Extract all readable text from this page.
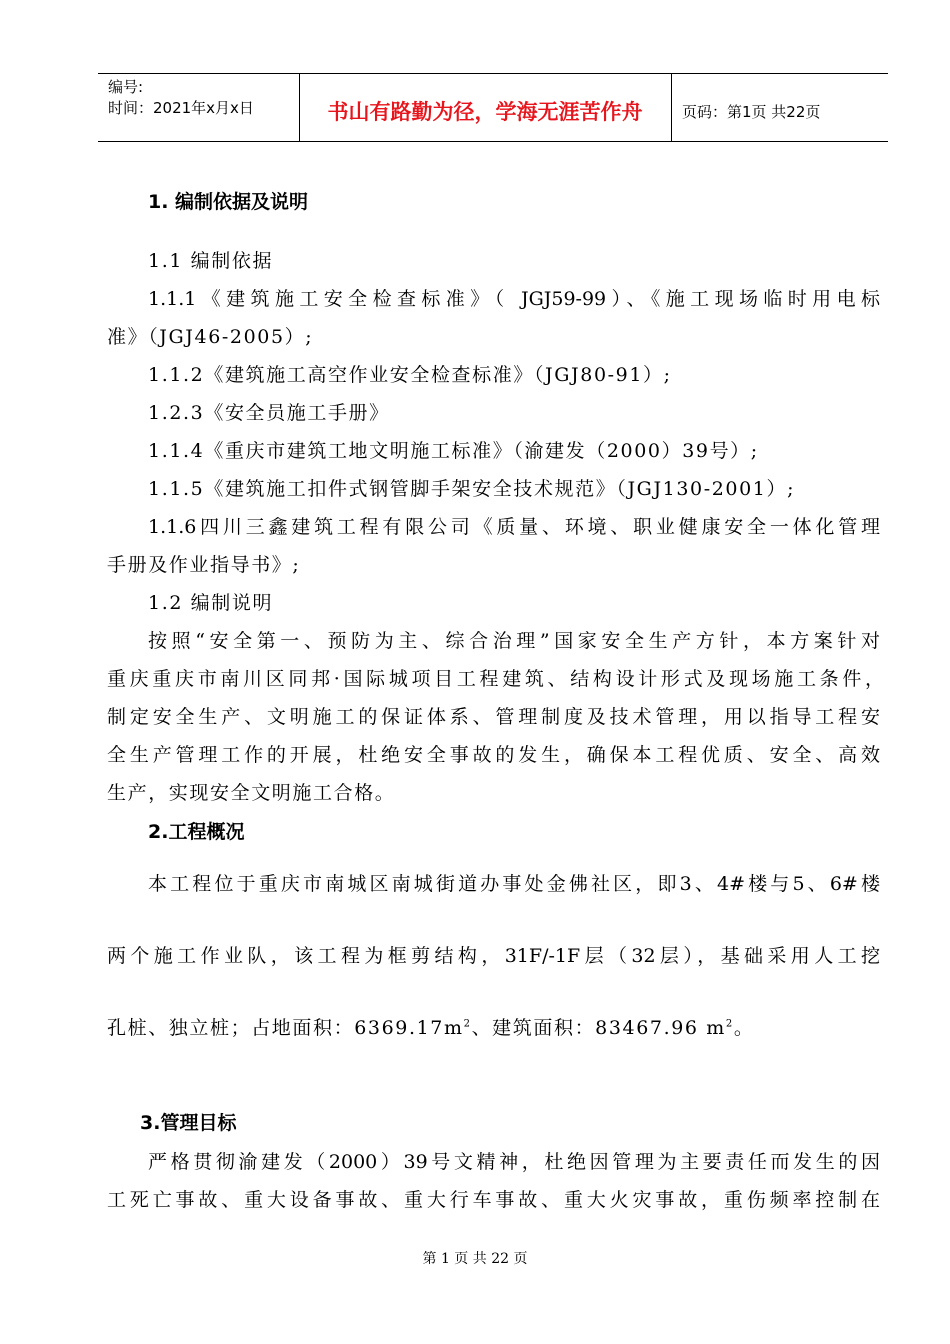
编号:
时间：2021年x月x日	书山有路勤为径，学海无涯苦作舟	页码：第1页 共22页
1. 编制依据及说明
1.1 编制依据
1.1.1《建筑施工安全检查标准》（ JGJ59-99）、《施工现场临时用电标
准》（JGJ46-2005）;
1.1.2《建筑施工高空作业安全检查标准》（JGJ80-91）;
1.2.3《安全员施工手册》
1.1.4《重庆市建筑工地文明施工标准》（渝建发（2000）39号）;
1.1.5《建筑施工扣件式钢管脚手架安全技术规范》（JGJ130-2001）;
1.1.6四川三鑫建筑工程有限公司《质量、环境、职业健康安全一体化管理
手册及作业指导书》;
1.2 编制说明
按照“安全第一、预防为主、综合治理”国家安全生产方针，本方案针对
重庆重庆市南川区同邦·国际城项目工程建筑、结构设计形式及现场施工条件，
制定安全生产、文明施工的保证体系、管理制度及技术管理，用以指导工程安
全生产管理工作的开展，杜绝安全事故的发生，确保本工程优质、安全、高效
生产，实现安全文明施工合格。
2.工程概况
本工程位于重庆市南城区南城街道办事处金佛社区，即3、4#楼与5、6#楼
两个施工作业队，该工程为框剪结构，31F/-1F层（32层），基础采用人工挖
孔桩、独立桩；占地面积：$6369.17m^2$、建筑面积：83467.96 $m^2$。
3.管理目标
严格贯彻渝建发（2000）39号文精神，杜绝因管理为主要责任而发生的因
工死亡事故、重大设备事故、重大行车事故、重大火灾事故，重伤频率控制在
第 1 页 共 22 页
